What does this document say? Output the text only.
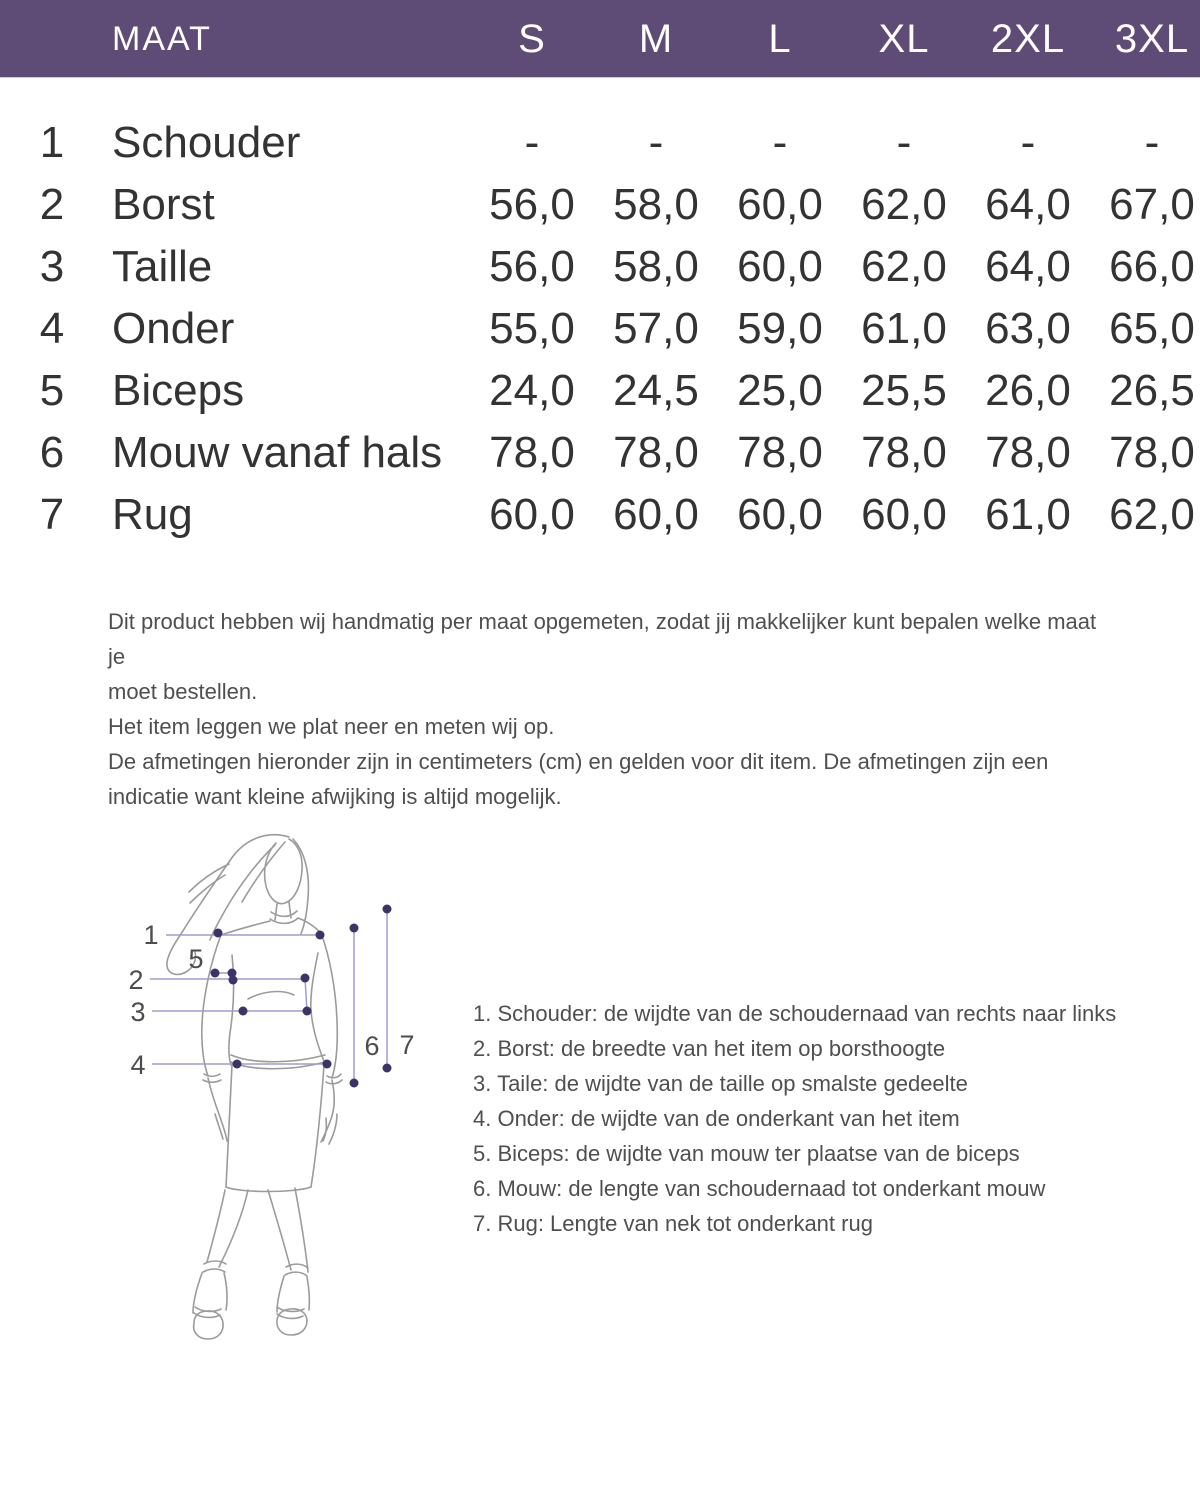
MAAT	S	M	L	XL	2XL	3XL
1 Schouder	-	-	-	-	-	-
2 Borst	56,0 58,0 60,0 62,0 64,0 67,0
3 Taille	56,0 58,0 60,0 62,0 64,0 66,0
4 Onder	55,0 57,0 59,0 61,0 63,0 65,0
5 Biceps	24,0 24,5 25,0 25,5 26,0 26,5
6 Mouw vanaf hals	78,0 78,0 78,0 78,0 78,0 78,0
7 Rug	60,0 60,0 60,0 60,0 61,0 62,0
Dit product hebben wij handmatig per maat opgemeten, zodat jij makkelijker kunt bepalen welke maat je
moet bestellen.
Het item leggen we plat neer en meten wij op.
De afmetingen hieronder zijn in centimeters (cm) en gelden voor dit item. De afmetingen zijn een
indicatie want kleine afwijking is altijd mogelijk.
1
2
3
4
5
6 7
1. Schouder: de wijdte van de schoudernaad van rechts naar links
2. Borst: de breedte van het item op borsthoogte
3. Taile: de wijdte van de taille op smalste gedeelte
4. Onder: de wijdte van de onderkant van het item
5. Biceps: de wijdte van mouw ter plaatse van de biceps
6. Mouw: de lengte van schoudernaad tot onderkant mouw
7. Rug: Lengte van nek tot onderkant rug
